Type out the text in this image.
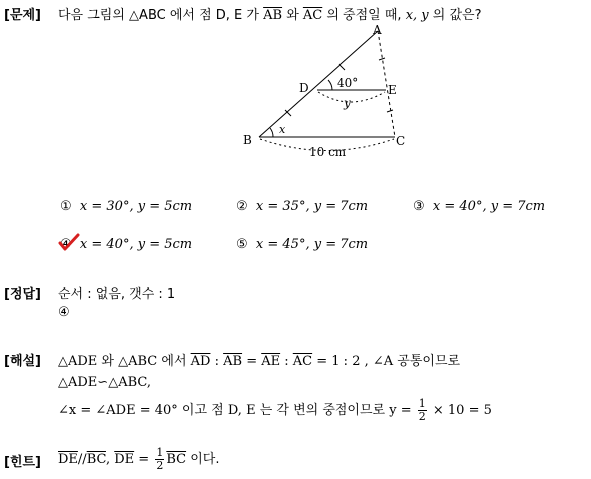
[문제] 다음 그림의 △ABC 에서 점 D, E 가 $\overline{AB}$ 와 $\overline{AC}$ 의 중점일 때, x, y 의 값은?
A
B	C
D	E
40°
y
x
10 cm
① x = 30°, y = 5cm	② x = 35°, y = 7cm	③ x = 40°, y = 7cm
④ x = 40°, y = 5cm	⑤ x = 45°, y = 7cm
[정답] 순서 : 없음, 갯수 : 1
④
[해설] △ADE 와 △ABC 에서 $\overline{AD}$ : $\overline{AB} = \overline{AE}$ : $\overline{AC} = 1$ : 2 , ∠A 공통이므로
△ADE∽△ABC,
∠x = ∠ADE = 40° 이고 점 D, E 는 각 변의 중점이므로 $y = \frac{1}{2} \times 10 = 5$
[힌트] $\overline{DE}//\overline{BC}$, $\overline{DE} = \frac{1}{2} \overline{BC}$ 이다.
